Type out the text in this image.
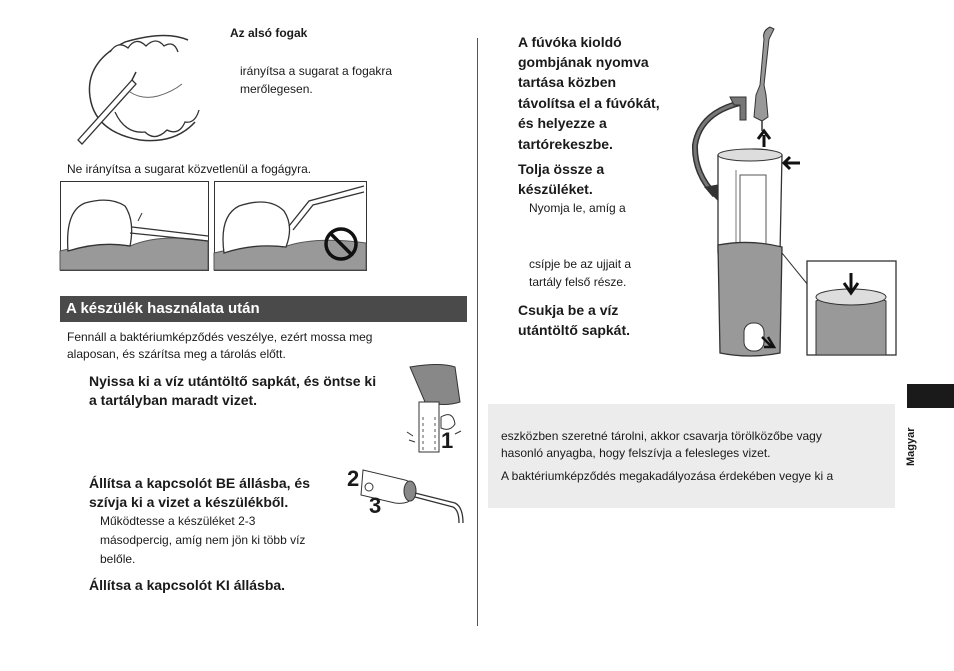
Az alsó fogak
irányítsa a sugarat a fogakra
merőlegesen.
Ne irányítsa a sugarat közvetlenül a fogágyra.
A készülék használata után
Fennáll a baktériumképződés veszélye, ezért mossa meg
alaposan, és szárítsa meg a tárolás előtt.
Nyissa ki a víz utántöltő sapkát, és öntse ki
a tartályban maradt vizet.
1
Állítsa a kapcsolót BE állásba, és
szívja ki a vizet a készülékből.
2
3
Működtesse a készüléket 2-3
másodpercig, amíg nem jön ki több víz
belőle.
Állítsa a kapcsolót KI állásba.
A fúvóka kioldó
gombjának nyomva
tartása közben
távolítsa el a fúvókát,
és helyezze a
tartórekeszbe.
Tolja össze a
készüléket.
Nyomja le, amíg a
csípje be az ujjait a
tartály felső része.
Csukja be a víz
utántöltő sapkát.
eszközben szeretné tárolni, akkor csavarja törölközőbe vagy
hasonló anyagba, hogy felszívja a felesleges vizet.
A baktériumképződés megakadályozása érdekében vegye ki a
Magyar
